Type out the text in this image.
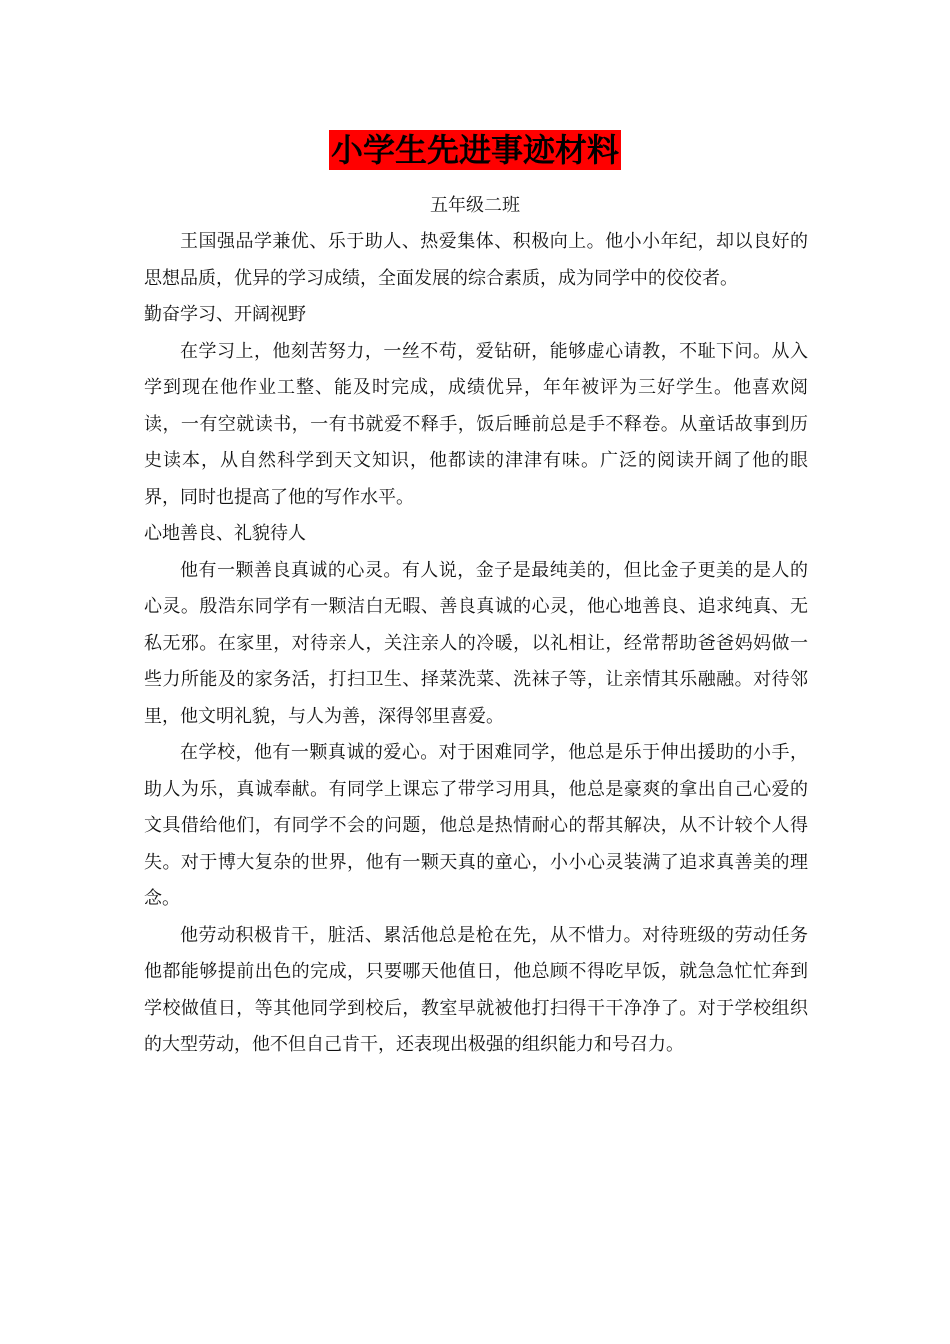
小学生先进事迹材料
五年级二班

王国强品学兼优、乐于助人、热爱集体、积极向上。他小小年纪，却以良好的思想品质，优异的学习成绩，全面发展的综合素质，成为同学中的佼佼者。

勤奋学习、开阔视野

在学习上，他刻苦努力，一丝不苟，爱钻研，能够虚心请教，不耻下问。从入学到现在他作业工整、能及时完成，成绩优异，年年被评为三好学生。他喜欢阅读，一有空就读书，一有书就爱不释手，饭后睡前总是手不释卷。从童话故事到历史读本，从自然科学到天文知识，他都读的津津有味。广泛的阅读开阔了他的眼界，同时也提高了他的写作水平。

心地善良、礼貌待人

他有一颗善良真诚的心灵。有人说，金子是最纯美的，但比金子更美的是人的心灵。殷浩东同学有一颗洁白无暇、善良真诚的心灵，他心地善良、追求纯真、无私无邪。在家里，对待亲人，关注亲人的冷暖，以礼相让，经常帮助爸爸妈妈做一些力所能及的家务活，打扫卫生、择菜洗菜、洗袜子等，让亲情其乐融融。对待邻里，他文明礼貌，与人为善，深得邻里喜爱。

在学校，他有一颗真诚的爱心。对于困难同学，他总是乐于伸出援助的小手，助人为乐，真诚奉献。有同学上课忘了带学习用具，他总是豪爽的拿出自己心爱的文具借给他们，有同学不会的问题，他总是热情耐心的帮其解决，从不计较个人得失。对于博大复杂的世界，他有一颗天真的童心，小小心灵装满了追求真善美的理念。

他劳动积极肯干，脏活、累活他总是枪在先，从不惜力。对待班级的劳动任务他都能够提前出色的完成，只要哪天他值日，他总顾不得吃早饭，就急急忙忙奔到学校做值日，等其他同学到校后，教室早就被他打扫得干干净净了。对于学校组织的大型劳动，他不但自己肯干，还表现出极强的组织能力和号召力。
